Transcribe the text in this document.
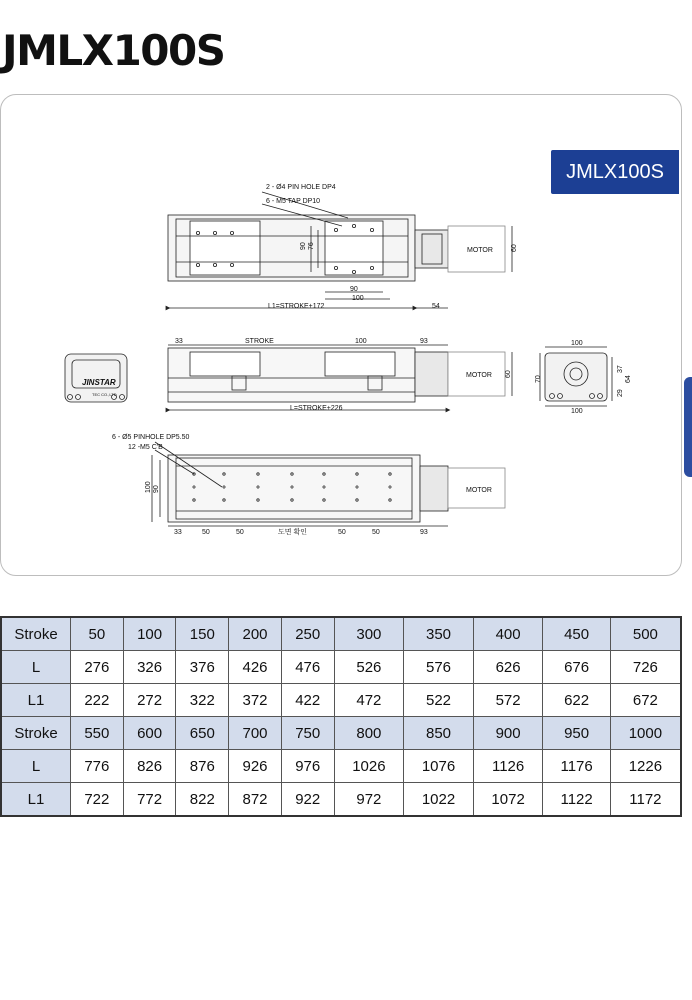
JMLX100S
JMLX100S
2 - Ø4 PIN HOLE DP4
6 - M5 TAP DP10
MOTOR
90 76	60
90
100
L1=STROKE+172	54
33	STROKE	100	93
MOTOR 60
L=STROKE+226
JINSTAR
TEC CO.,LTD
100
100
70
37
64
29
6 - Ø5 PINHOLE DP5.50
12 -M5 C'B
MOTOR
100 90
33	50	50	도면 확인	50	50	93
Stroke	50	100	150	200	250	300	350	400	450	500
L	276	326	376	426	476	526	576	626	676	726
L1	222	272	322	372	422	472	522	572	622	672
Stroke	550	600	650	700	750	800	850	900	950	1000
L	776	826	876	926	976	1026	1076	1126	1176	1226
L1	722	772	822	872	922	972	1022	1072	1122	1172
